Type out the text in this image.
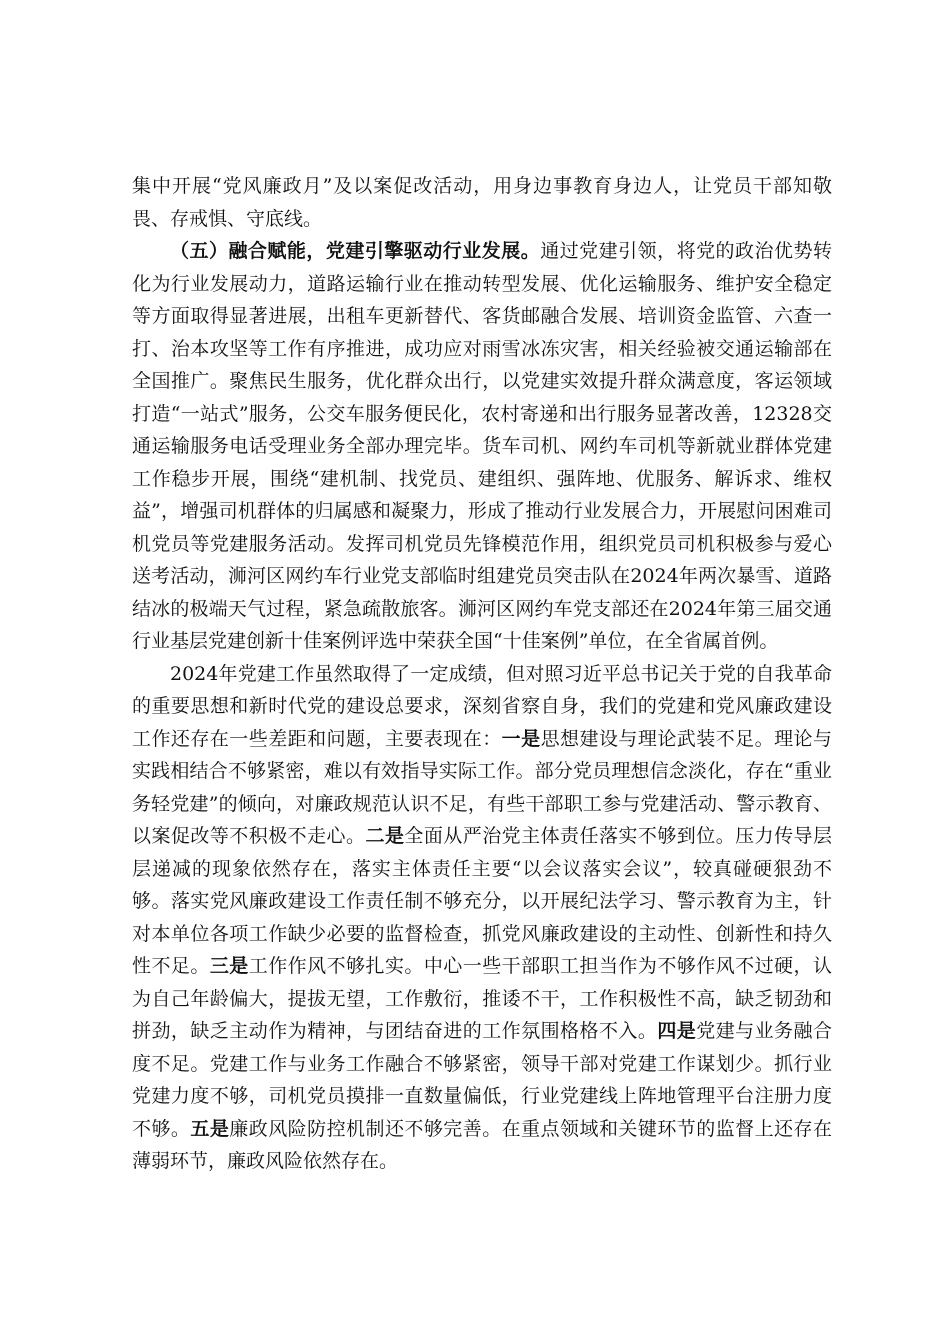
集中开展“党风廉政月”及以案促改活动，用身边事教育身边人，让党员干部知敬畏、存戒惧、守底线。

（五）融合赋能，党建引擎驱动行业发展。通过党建引领，将党的政治优势转化为行业发展动力，道路运输行业在推动转型发展、优化运输服务、维护安全稳定等方面取得显著进展，出租车更新替代、客货邮融合发展、培训资金监管、六查一打、治本攻坚等工作有序推进，成功应对雨雪冰冻灾害，相关经验被交通运输部在全国推广。聚焦民生服务，优化群众出行，以党建实效提升群众满意度，客运领域打造“一站式”服务，公交车服务便民化，农村寄递和出行服务显著改善，12328交通运输服务电话受理业务全部办理完毕。货车司机、网约车司机等新就业群体党建工作稳步开展，围绕“建机制、找党员、建组织、强阵地、优服务、解诉求、维权益”，增强司机群体的归属感和凝聚力，形成了推动行业发展合力，开展慰问困难司机党员等党建服务活动。发挥司机党员先锋模范作用，组织党员司机积极参与爱心送考活动，浉河区网约车行业党支部临时组建党员突击队在2024年两次暴雪、道路结冰的极端天气过程，紧急疏散旅客。浉河区网约车党支部还在2024年第三届交通行业基层党建创新十佳案例评选中荣获全国“十佳案例”单位，在全省属首例。

2024年党建工作虽然取得了一定成绩，但对照习近平总书记关于党的自我革命的重要思想和新时代党的建设总要求，深刻省察自身，我们的党建和党风廉政建设工作还存在一些差距和问题，主要表现在：一是思想建设与理论武装不足。理论与实践相结合不够紧密，难以有效指导实际工作。部分党员理想信念淡化，存在“重业务轻党建”的倾向，对廉政规范认识不足，有些干部职工参与党建活动、警示教育、以案促改等不积极不走心。二是全面从严治党主体责任落实不够到位。压力传导层层递减的现象依然存在，落实主体责任主要“以会议落实会议”，较真碰硬狠劲不够。落实党风廉政建设工作责任制不够充分，以开展纪法学习、警示教育为主，针对本单位各项工作缺少必要的监督检查，抓党风廉政建设的主动性、创新性和持久性不足。三是工作作风不够扎实。中心一些干部职工担当作为不够作风不过硬，认为自己年龄偏大，提拔无望，工作敷衍，推诿不干，工作积极性不高，缺乏韧劲和拼劲，缺乏主动作为精神，与团结奋进的工作氛围格格不入。四是党建与业务融合度不足。党建工作与业务工作融合不够紧密，领导干部对党建工作谋划少。抓行业党建力度不够，司机党员摸排一直数量偏低，行业党建线上阵地管理平台注册力度不够。五是廉政风险防控机制还不够完善。在重点领域和关键环节的监督上还存在薄弱环节，廉政风险依然存在。
